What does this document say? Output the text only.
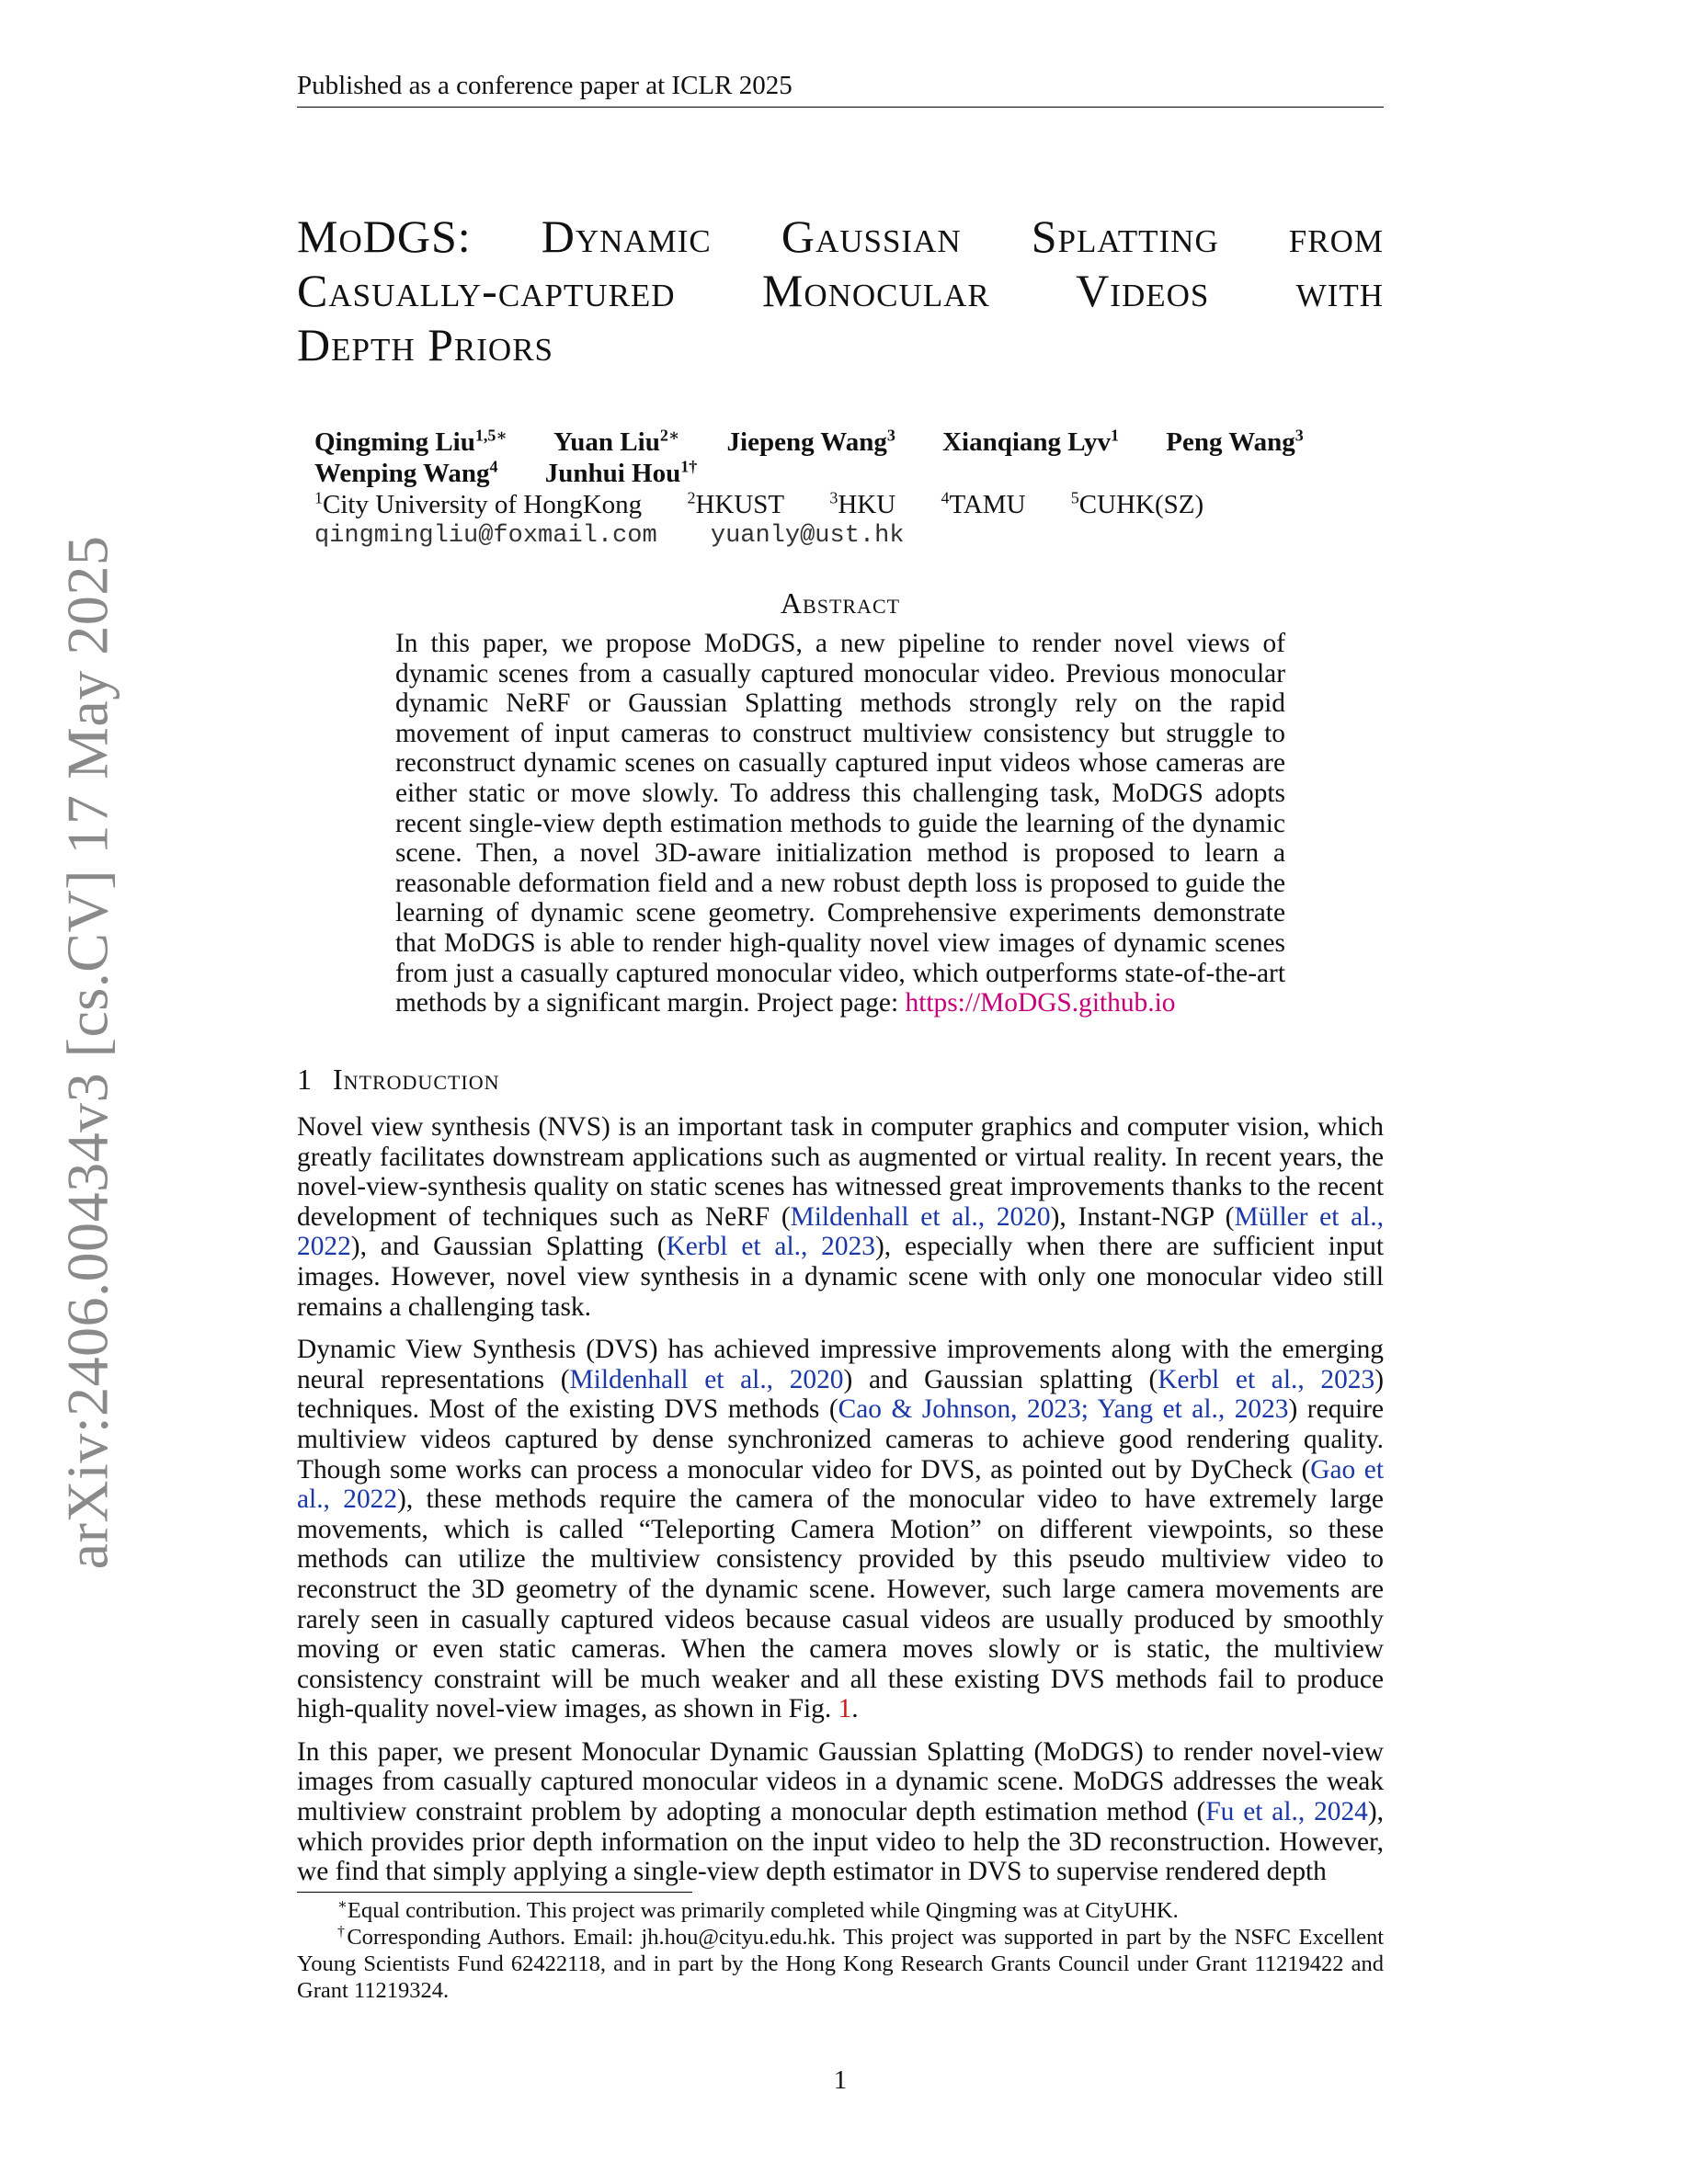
Published as a conference paper at ICLR 2025
arXiv:2406.00434v3 [cs.CV] 17 May 2025
MoDGS: Dynamic Gaussian Splatting from
Casually-captured Monocular Videos with
Depth Priors
Qingming Liu$^{1,5∗}$ Yuan Liu$^{2∗}$ Jiepeng Wang$^3$ Xianqiang Lyv$^1$ Peng Wang$^3$
Wenping Wang$^4$ Junhui Hou$^{1\dagger}$
$^1$City University of HongKong	$^2$HKUST	$^3$HKU	$^4$TAMU	$^5$CUHK(SZ)
qingmingliu@foxmail.com yuanly@ust.hk
Abstract

In this paper, we propose MoDGS, a new pipeline to render novel views of dynamic scenes from a casually captured monocular video. Previous monocular dynamic NeRF or Gaussian Splatting methods strongly rely on the rapid movement of input cameras to construct multiview consistency but struggle to reconstruct dynamic scenes on casually captured input videos whose cameras are either static or move slowly. To address this challenging task, MoDGS adopts recent single-view depth estimation methods to guide the learning of the dynamic scene. Then, a novel 3D-aware initialization method is proposed to learn a reasonable deformation field and a new robust depth loss is proposed to guide the learning of dynamic scene geometry. Comprehensive experiments demonstrate that MoDGS is able to render high-quality novel view images of dynamic scenes from just a casually captured monocular video, which outperforms state-of-the-art methods by a significant margin. Project page: https://MoDGS.github.io

1 Introduction

Novel view synthesis (NVS) is an important task in computer graphics and computer vision, which greatly facilitates downstream applications such as augmented or virtual reality. In recent years, the novel-view-synthesis quality on static scenes has witnessed great improvements thanks to the recent development of techniques such as NeRF (Mildenhall et al., 2020), Instant-NGP (Müller et al., 2022), and Gaussian Splatting (Kerbl et al., 2023), especially when there are sufficient input images. However, novel view synthesis in a dynamic scene with only one monocular video still remains a challenging task.

Dynamic View Synthesis (DVS) has achieved impressive improvements along with the emerging neural representations (Mildenhall et al., 2020) and Gaussian splatting (Kerbl et al., 2023) techniques. Most of the existing DVS methods (Cao & Johnson, 2023; Yang et al., 2023) require multiview videos captured by dense synchronized cameras to achieve good rendering quality. Though some works can process a monocular video for DVS, as pointed out by DyCheck (Gao et al., 2022), these methods require the camera of the monocular video to have extremely large movements, which is called “Teleporting Camera Motion” on different viewpoints, so these methods can utilize the multiview consistency provided by this pseudo multiview video to reconstruct the 3D geometry of the dynamic scene. However, such large camera movements are rarely seen in casually captured videos because casual videos are usually produced by smoothly moving or even static cameras. When the camera moves slowly or is static, the multiview consistency constraint will be much weaker and all these existing DVS methods fail to produce high-quality novel-view images, as shown in Fig. 1.

In this paper, we present Monocular Dynamic Gaussian Splatting (MoDGS) to render novel-view images from casually captured monocular videos in a dynamic scene. MoDGS addresses the weak multiview constraint problem by adopting a monocular depth estimation method (Fu et al., 2024), which provides prior depth information on the input video to help the 3D reconstruction. However, we find that simply applying a single-view depth estimator in DVS to supervise rendered depth

∗Equal contribution. This project was primarily completed while Qingming was at CityUHK.

†Corresponding Authors. Email: jh.hou@cityu.edu.hk. This project was supported in part by the NSFC Excellent Young Scientists Fund 62422118, and in part by the Hong Kong Research Grants Council under Grant 11219422 and Grant 11219324.

1
